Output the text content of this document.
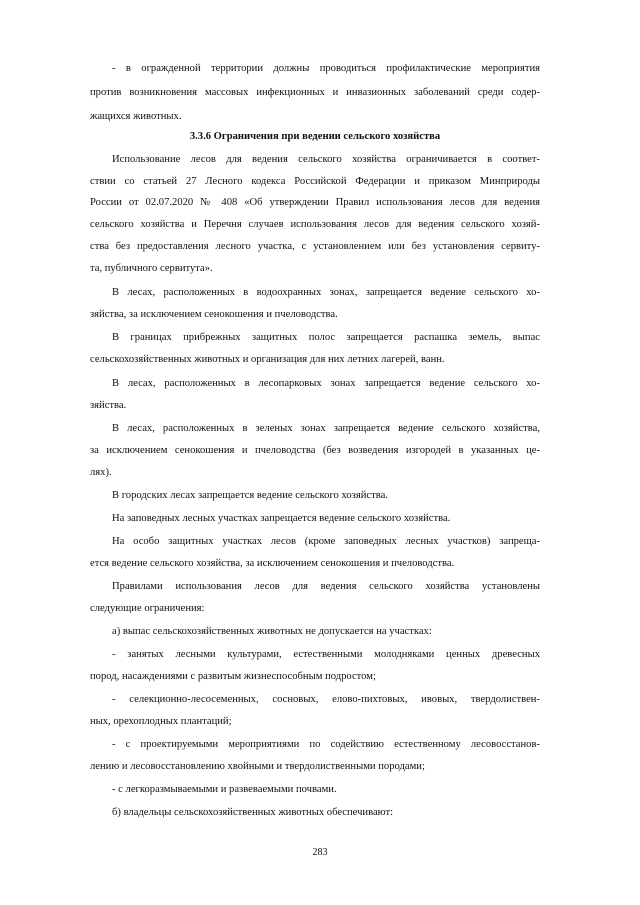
- в огражденной территории должны проводиться профилактические мероприятия
против возникновения массовых инфекционных и инвазионных заболеваний среди содер-
жащихся животных.
3.3.6 Ограничения при ведении сельского хозяйства
Использование лесов для ведения сельского хозяйства ограничивается в соответ-
ствии со статьей 27 Лесного кодекса Российской Федерации и приказом Минприроды
России от 02.07.2020 № 408 «Об утверждении Правил использования лесов для ведения
сельского хозяйства и Перечня случаев использования лесов для ведения сельского хозяй-
ства без предоставления лесного участка, с установлением или без установления сервиту-
та, публичного сервитута».
В лесах, расположенных в водоохранных зонах, запрещается ведение сельского хо-
зяйства, за исключением сенокошения и пчеловодства.
В границах прибрежных защитных полос запрещается распашка земель, выпас
сельскохозяйственных животных и организация для них летних лагерей, ванн.
В лесах, расположенных в лесопарковых зонах запрещается ведение сельского хо-
зяйства.
В лесах, расположенных в зеленых зонах запрещается ведение сельского хозяйства,
за исключением сенокошения и пчеловодства (без возведения изгородей в указанных це-
лях).
В городских лесах запрещается ведение сельского хозяйства.
На заповедных лесных участках запрещается ведение сельского хозяйства.
На особо защитных участках лесов (кроме заповедных лесных участков) запреща-
ется ведение сельского хозяйства, за исключением сенокошения и пчеловодства.
Правилами использования лесов для ведения сельского хозяйства установлены
следующие ограничения:
а) выпас сельскохозяйственных животных не допускается на участках:
- занятых лесными культурами, естественными молодняками ценных древесных
пород, насаждениями с развитым жизнеспособным подростом;
- селекционно-лесосеменных, сосновых, елово-пихтовых, ивовых, твердолиствен-
ных, орехоплодных плантаций;
- с проектируемыми мероприятиями по содействию естественному лесовосстанов-
лению и лесовосстановлению хвойными и твердолиственными породами;
- с легкоразмываемыми и развеваемыми почвами.
б) владельцы сельскохозяйственных животных обеспечивают:
283
